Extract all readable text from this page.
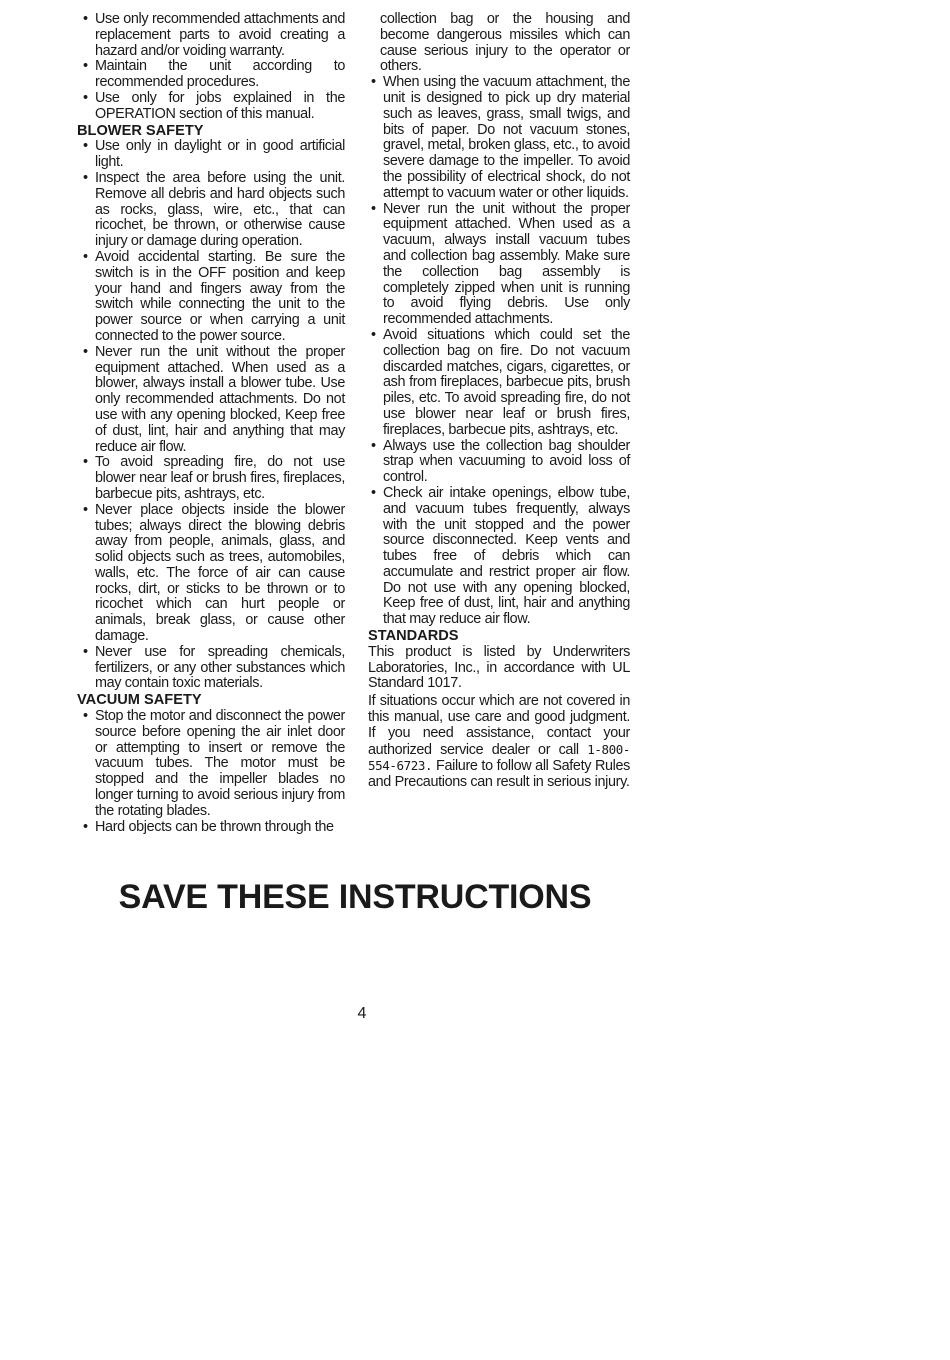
• Use only recommended attachments and replacement parts to avoid creating a hazard and/or voiding warranty.
• Maintain the unit according to recommended procedures.
• Use only for jobs explained in the OPERATION section of this manual.
BLOWER SAFETY
• Use only in daylight or in good artificial light.
• Inspect the area before using the unit. Remove all debris and hard objects such as rocks, glass, wire, etc., that can ricochet, be thrown, or otherwise cause injury or damage during operation.
• Avoid accidental starting. Be sure the switch is in the OFF position and keep your hand and fingers away from the switch while connecting the unit to the power source or when carrying a unit connected to the power source.
• Never run the unit without the proper equipment attached. When used as a blower, always install a blower tube. Use only recommended attachments. Do not use with any opening blocked, Keep free of dust, lint, hair and anything that may reduce air flow.
• To avoid spreading fire, do not use blower near leaf or brush fires, fireplaces, barbecue pits, ashtrays, etc.
• Never place objects inside the blower tubes; always direct the blowing debris away from people, animals, glass, and solid objects such as trees, automobiles, walls, etc. The force of air can cause rocks, dirt, or sticks to be thrown or to ricochet which can hurt people or animals, break glass, or cause other damage.
• Never use for spreading chemicals, fertilizers, or any other substances which may contain toxic materials.
VACUUM SAFETY
• Stop the motor and disconnect the power source before opening the air inlet door or attempting to insert or remove the vacuum tubes. The motor must be stopped and the impeller blades no longer turning to avoid serious injury from the rotating blades.
• Hard objects can be thrown through the

collection bag or the housing and become dangerous missiles which can cause serious injury to the operator or others.

• When using the vacuum attachment, the unit is designed to pick up dry material such as leaves, grass, small twigs, and bits of paper. Do not vacuum stones, gravel, metal, broken glass, etc., to avoid severe damage to the impeller. To avoid the possibility of electrical shock, do not attempt to vacuum water or other liquids.
• Never run the unit without the proper equipment attached. When used as a vacuum, always install vacuum tubes and collection bag assembly. Make sure the collection bag assembly is completely zipped when unit is running to avoid flying debris. Use only recommended attachments.
• Avoid situations which could set the collection bag on fire. Do not vacuum discarded matches, cigars, cigarettes, or ash from fireplaces, barbecue pits, brush piles, etc. To avoid spreading fire, do not use blower near leaf or brush fires, fireplaces, barbecue pits, ashtrays, etc.
• Always use the collection bag shoulder strap when vacuuming to avoid loss of control.
• Check air intake openings, elbow tube, and vacuum tubes frequently, always with the unit stopped and the power source disconnected. Keep vents and tubes free of debris which can accumulate and restrict proper air flow. Do not use with any opening blocked, Keep free of dust, lint, hair and anything that may reduce air flow.
STANDARDS

This product is listed by Underwriters Laboratories, Inc., in accordance with UL Standard 1017.

If situations occur which are not covered in this manual, use care and good judgment. If you need assistance, contact your authorized service dealer or call 1-800-554-6723. Failure to follow all Safety Rules and Precautions can result in serious injury.

SAVE THESE INSTRUCTIONS
4
